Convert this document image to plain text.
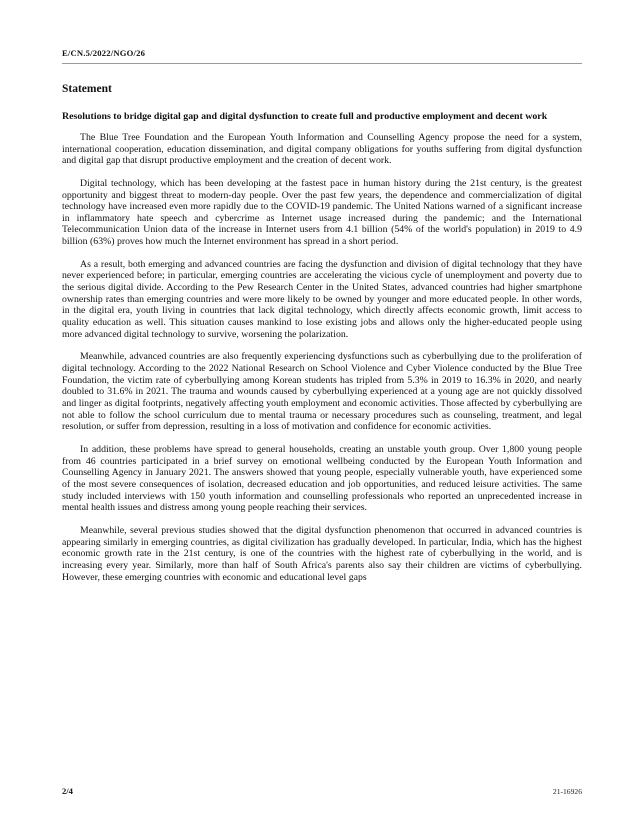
E/CN.5/2022/NGO/26
Statement
Resolutions to bridge digital gap and digital dysfunction to create full and productive employment and decent work

The Blue Tree Foundation and the European Youth Information and Counselling Agency propose the need for a system, international cooperation, education dissemination, and digital company obligations for youths suffering from digital dysfunction and digital gap that disrupt productive employment and the creation of decent work.

Digital technology, which has been developing at the fastest pace in human history during the 21st century, is the greatest opportunity and biggest threat to modern-day people. Over the past few years, the dependence and commercialization of digital technology have increased even more rapidly due to the COVID-19 pandemic. The United Nations warned of a significant increase in inflammatory hate speech and cybercrime as Internet usage increased during the pandemic; and the International Telecommunication Union data of the increase in Internet users from 4.1 billion (54% of the world's population) in 2019 to 4.9 billion (63%) proves how much the Internet environment has spread in a short period.

As a result, both emerging and advanced countries are facing the dysfunction and division of digital technology that they have never experienced before; in particular, emerging countries are accelerating the vicious cycle of unemployment and poverty due to the serious digital divide. According to the Pew Research Center in the United States, advanced countries had higher smartphone ownership rates than emerging countries and were more likely to be owned by younger and more educated people. In other words, in the digital era, youth living in countries that lack digital technology, which directly affects economic growth, limit access to quality education as well. This situation causes mankind to lose existing jobs and allows only the higher-educated people using more advanced digital technology to survive, worsening the polarization.

Meanwhile, advanced countries are also frequently experiencing dysfunctions such as cyberbullying due to the proliferation of digital technology. According to the 2022 National Research on School Violence and Cyber Violence conducted by the Blue Tree Foundation, the victim rate of cyberbullying among Korean students has tripled from 5.3% in 2019 to 16.3% in 2020, and nearly doubled to 31.6% in 2021. The trauma and wounds caused by cyberbullying experienced at a young age are not quickly dissolved and linger as digital footprints, negatively affecting youth employment and economic activities. Those affected by cyberbullying are not able to follow the school curriculum due to mental trauma or necessary procedures such as counseling, treatment, and legal resolution, or suffer from depression, resulting in a loss of motivation and confidence for economic activities.

In addition, these problems have spread to general households, creating an unstable youth group. Over 1,800 young people from 46 countries participated in a brief survey on emotional wellbeing conducted by the European Youth Information and Counselling Agency in January 2021. The answers showed that young people, especially vulnerable youth, have experienced some of the most severe consequences of isolation, decreased education and job opportunities, and reduced leisure activities. The same study included interviews with 150 youth information and counselling professionals who reported an unprecedented increase in mental health issues and distress among young people reaching their services.

Meanwhile, several previous studies showed that the digital dysfunction phenomenon that occurred in advanced countries is appearing similarly in emerging countries, as digital civilization has gradually developed. In particular, India, which has the highest economic growth rate in the 21st century, is one of the countries with the highest rate of cyberbullying in the world, and is increasing every year. Similarly, more than half of South Africa's parents also say their children are victims of cyberbullying. However, these emerging countries with economic and educational level gaps

2/4	21-16926
